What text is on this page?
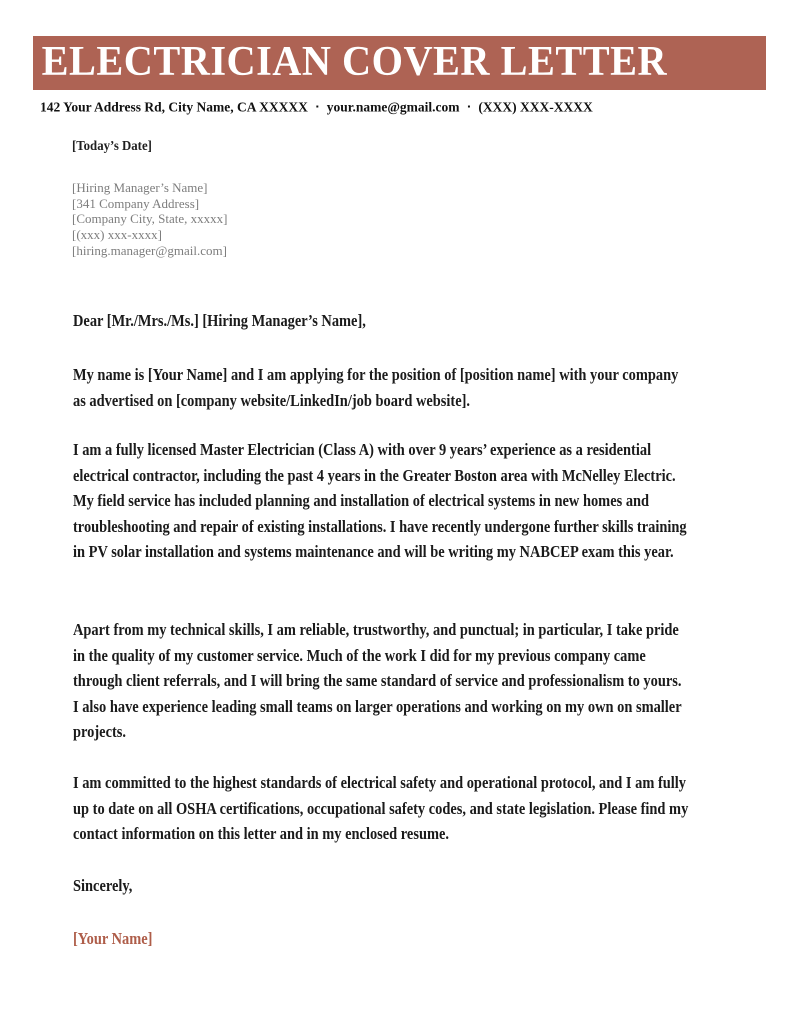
ELECTRICIAN COVER LETTER
142 Your Address Rd, City Name, CA XXXXX ▪ your.name@gmail.com ▪ (XXX) XXX-XXXX
[Today’s Date]
[Hiring Manager’s Name]
[341 Company Address]
[Company City, State, xxxxx]
[(xxx) xxx-xxxx]
[hiring.manager@gmail.com]
Dear [Mr./Mrs./Ms.] [Hiring Manager’s Name],

My name is [Your Name] and I am applying for the position of [position name] with your company as advertised on [company website/LinkedIn/job board website].

I am a fully licensed Master Electrician (Class A) with over 9 years’ experience as a residential electrical contractor, including the past 4 years in the Greater Boston area with McNelley Electric. My field service has included planning and installation of electrical systems in new homes and troubleshooting and repair of existing installations. I have recently undergone further skills training in PV solar installation and systems maintenance and will be writing my NABCEP exam this year.

Apart from my technical skills, I am reliable, trustworthy, and punctual; in particular, I take pride in the quality of my customer service. Much of the work I did for my previous company came through client referrals, and I will bring the same standard of service and professionalism to yours. I also have experience leading small teams on larger operations and working on my own on smaller projects.

I am committed to the highest standards of electrical safety and operational protocol, and I am fully up to date on all OSHA certifications, occupational safety codes, and state legislation. Please find my contact information on this letter and in my enclosed resume.

Sincerely,
[Your Name]
